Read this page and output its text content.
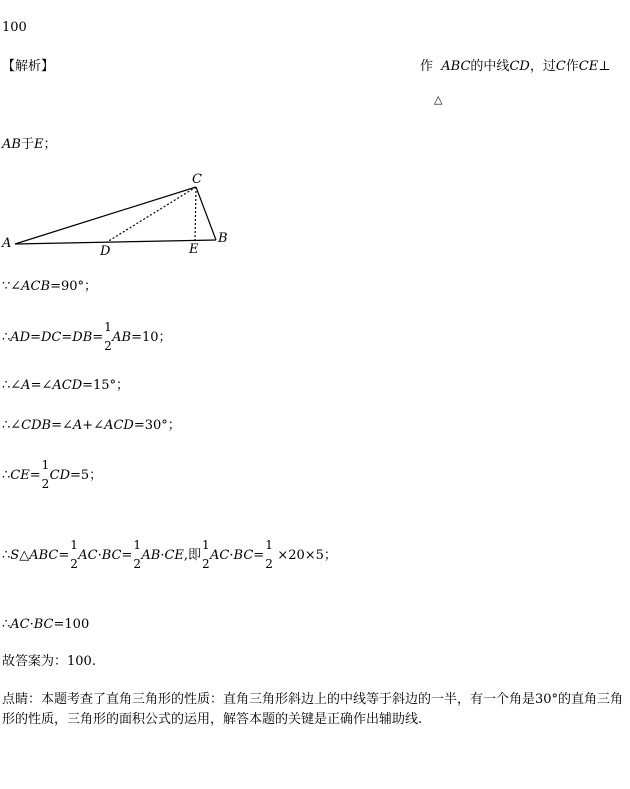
100
【解析】	作 ABC的中线CD，过C作CE⊥
△
AB于E；
C
A	B
D	E
∵∠ACB=90°；
∴AD=DC=DB=
1
2
AB=10；
∴∠A=∠ACD=15°；
∴∠CDB=∠A+∠ACD=30°；
∴CE=
1
2
CD=5；
∴S△ABC=
1
2
AC·BC=
1
2
AB·CE,即
1
2
AC·BC=
1
2
×20×5；
∴AC·BC=100
故答案为：100.
点睛：本题考查了直角三角形的性质：直角三角形斜边上的中线等于斜边的一半，有一个角是30°的直角三角形的性质，三角形的面积公式的运用，解答本题的关键是正确作出辅助线.
